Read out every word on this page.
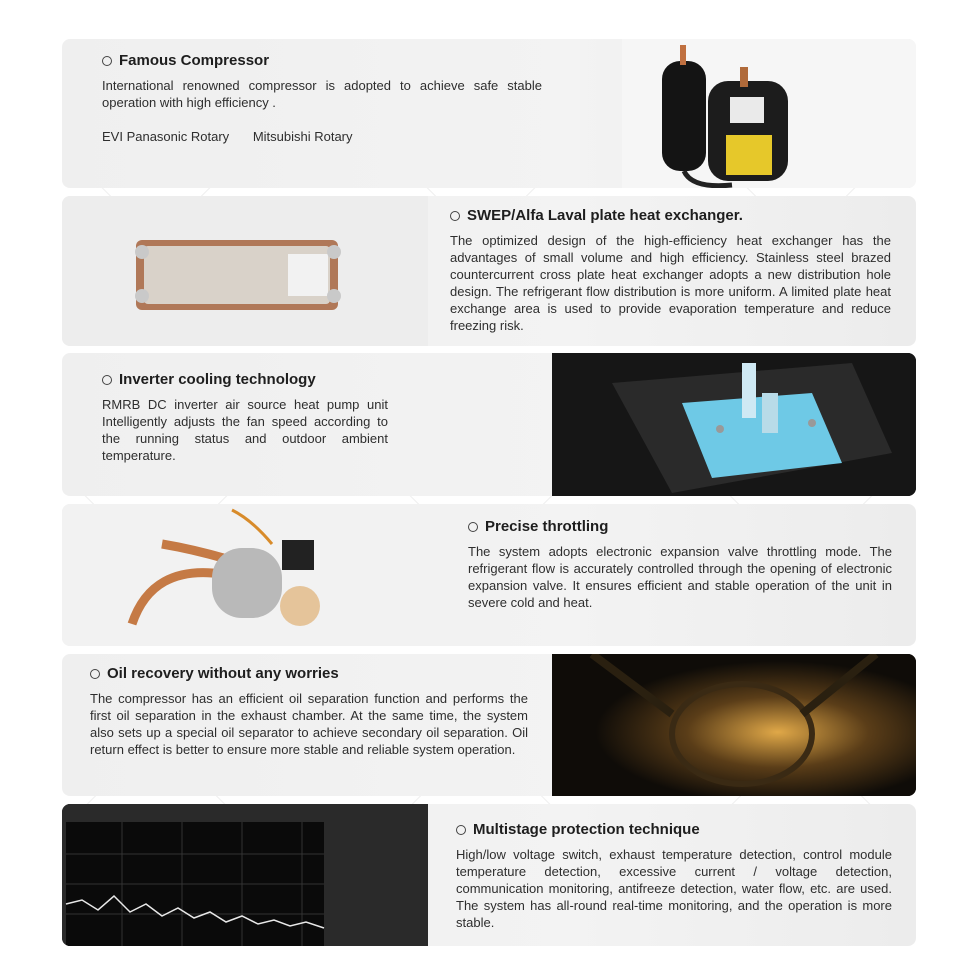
Famous Compressor

International renowned compressor is adopted to achieve safe stable operation with high efficiency .

EVI Panasonic Rotary Mitsubishi Rotary
SWEP/Alfa Laval plate heat exchanger.

The optimized design of the high-efficiency heat exchanger has the advantages of small volume and high efficiency. Stainless steel brazed countercurrent cross plate heat exchanger adopts a new distribution hole design. The refrigerant flow distribution is more uniform. A limited plate heat exchange area is used to provide evaporation temperature and reduce freezing risk.

Inverter cooling technology

RMRB DC inverter air source heat pump unit Intelligently adjusts the fan speed according to the running status and outdoor ambient temperature.

Precise throttling

The system adopts electronic expansion valve throttling mode. The refrigerant flow is accurately controlled through the opening of electronic expansion valve. It ensures efficient and stable operation of the unit in severe cold and heat.

Oil recovery without any worries

The compressor has an efficient oil separation function and performs the first oil separation in the exhaust chamber. At the same time, the system also sets up a special oil separator to achieve secondary oil separation. Oil return effect is better to ensure more stable and reliable system operation.

Multistage protection technique

High/low voltage switch, exhaust temperature detection, control module temperature detection, excessive current / voltage detection, communication monitoring, antifreeze detection, water flow, etc. are used. The system has all-round real-time monitoring, and the operation is more stable.
